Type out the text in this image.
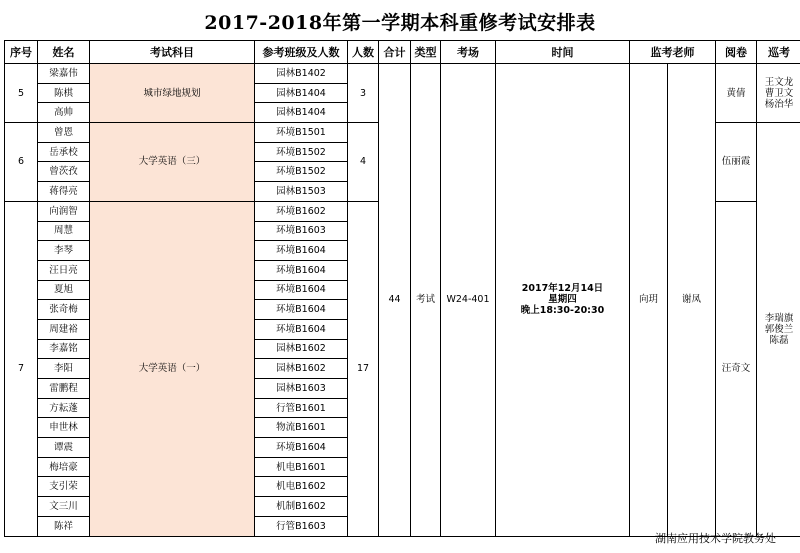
2017-2018年第一学期本科重修考试安排表
序号	姓名	考试科目	参考班级及人数	人数	合计	类型	考场	时间	监考老师		阅卷	巡考
5	梁嘉伟	城市绿地规划	园林B1402	3	44	考试	W24-401	2017年12月14日
星期四
晚上18:30-20:30	向玥	谢凤	黄倩	王文龙
曹卫文
杨治华
	陈棋		园林B1404									
	高帅		园林B1404									
6	曾恩	大学英语（三）	环境B1501	4							伍丽霞	李瑞旗
郭俊兰
陈磊
	岳承校		环境B1502									
	曾茨孜		环境B1502									
	蒋得亮		园林B1503									
7	向润智	大学英语（一）	环境B1602	17							汪奇文	
	周慧		环境B1603									
	李琴		环境B1604									
	汪日亮		环境B1604									
	夏旭		环境B1604									
	张奇梅		环境B1604									
	周建裕		环境B1604									
	李嘉铭		园林B1602									
	李阳		园林B1602									
	雷鹏程		园林B1603									
	方耘蓬		行管B1601									
	申世林		物流B1601									
	谭震		环境B1604									
	梅培豪		机电B1601									
	支引荣		机电B1602									
	文三川		机制B1602									
	陈祥		行管B1603									
湖南应用技术学院教务处
